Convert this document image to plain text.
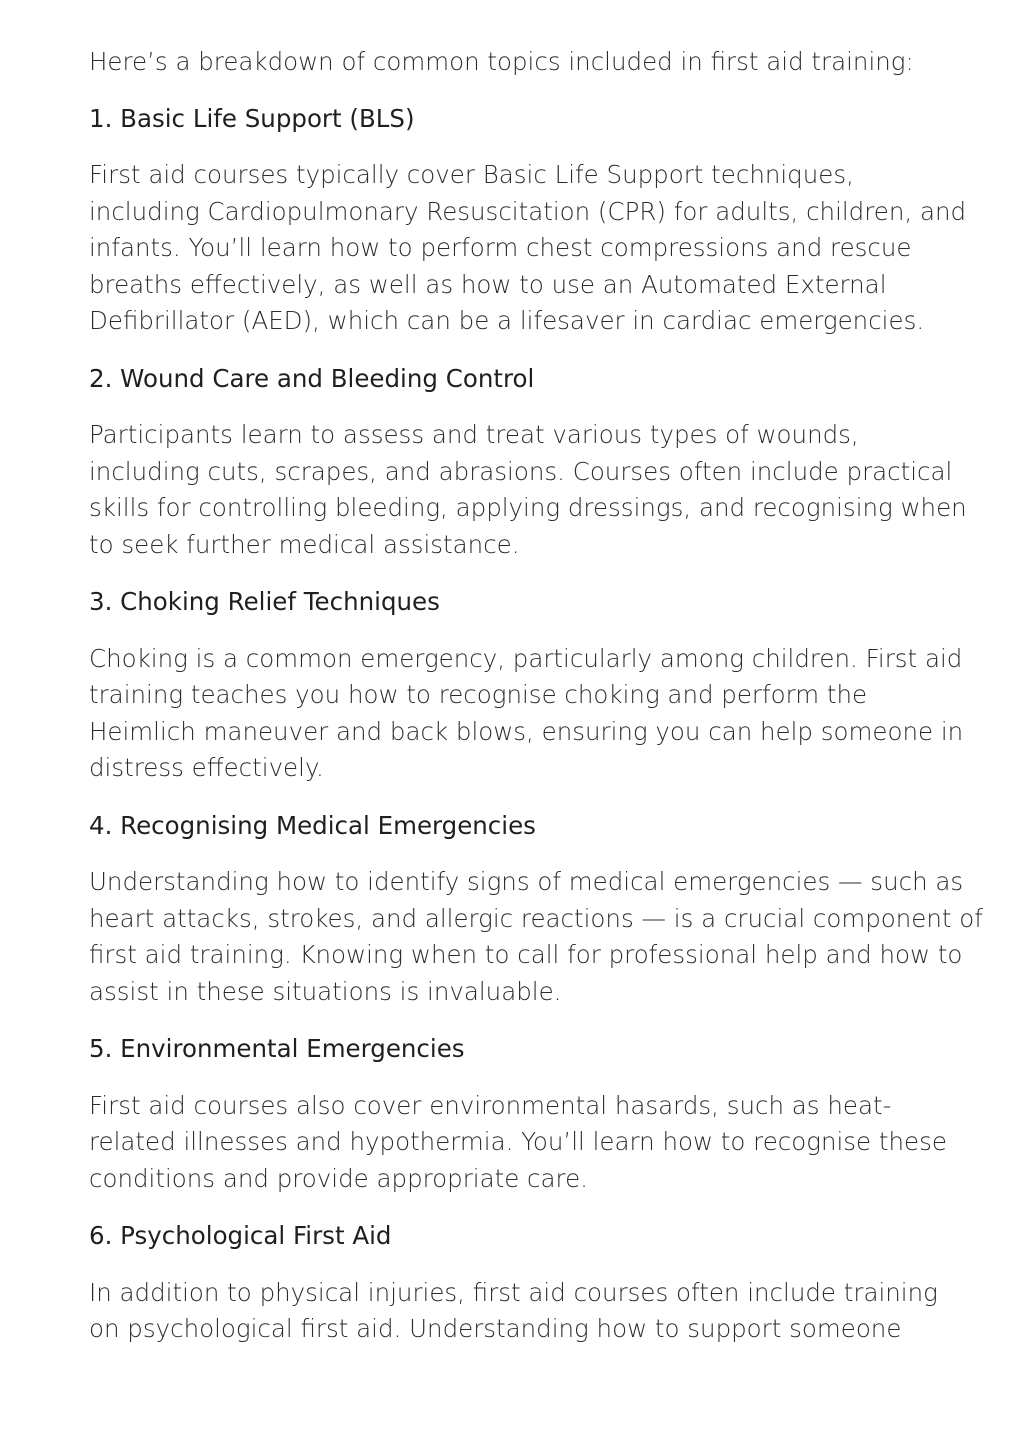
Here’s a breakdown of common topics included in first aid training:

1. Basic Life Support (BLS)

First aid courses typically cover Basic Life Support techniques,
including Cardiopulmonary Resuscitation (CPR) for adults, children, and
infants. You’ll learn how to perform chest compressions and rescue
breaths effectively, as well as how to use an Automated External
Defibrillator (AED), which can be a lifesaver in cardiac emergencies.

2. Wound Care and Bleeding Control

Participants learn to assess and treat various types of wounds,
including cuts, scrapes, and abrasions. Courses often include practical
skills for controlling bleeding, applying dressings, and recognising when
to seek further medical assistance.

3. Choking Relief Techniques

Choking is a common emergency, particularly among children. First aid
training teaches you how to recognise choking and perform the
Heimlich maneuver and back blows, ensuring you can help someone in
distress effectively.

4. Recognising Medical Emergencies

Understanding how to identify signs of medical emergencies — such as
heart attacks, strokes, and allergic reactions — is a crucial component of
first aid training. Knowing when to call for professional help and how to
assist in these situations is invaluable.

5. Environmental Emergencies

First aid courses also cover environmental hasards, such as heat-
related illnesses and hypothermia. You’ll learn how to recognise these
conditions and provide appropriate care.

6. Psychological First Aid

In addition to physical injuries, first aid courses often include training
on psychological first aid. Understanding how to support someone
